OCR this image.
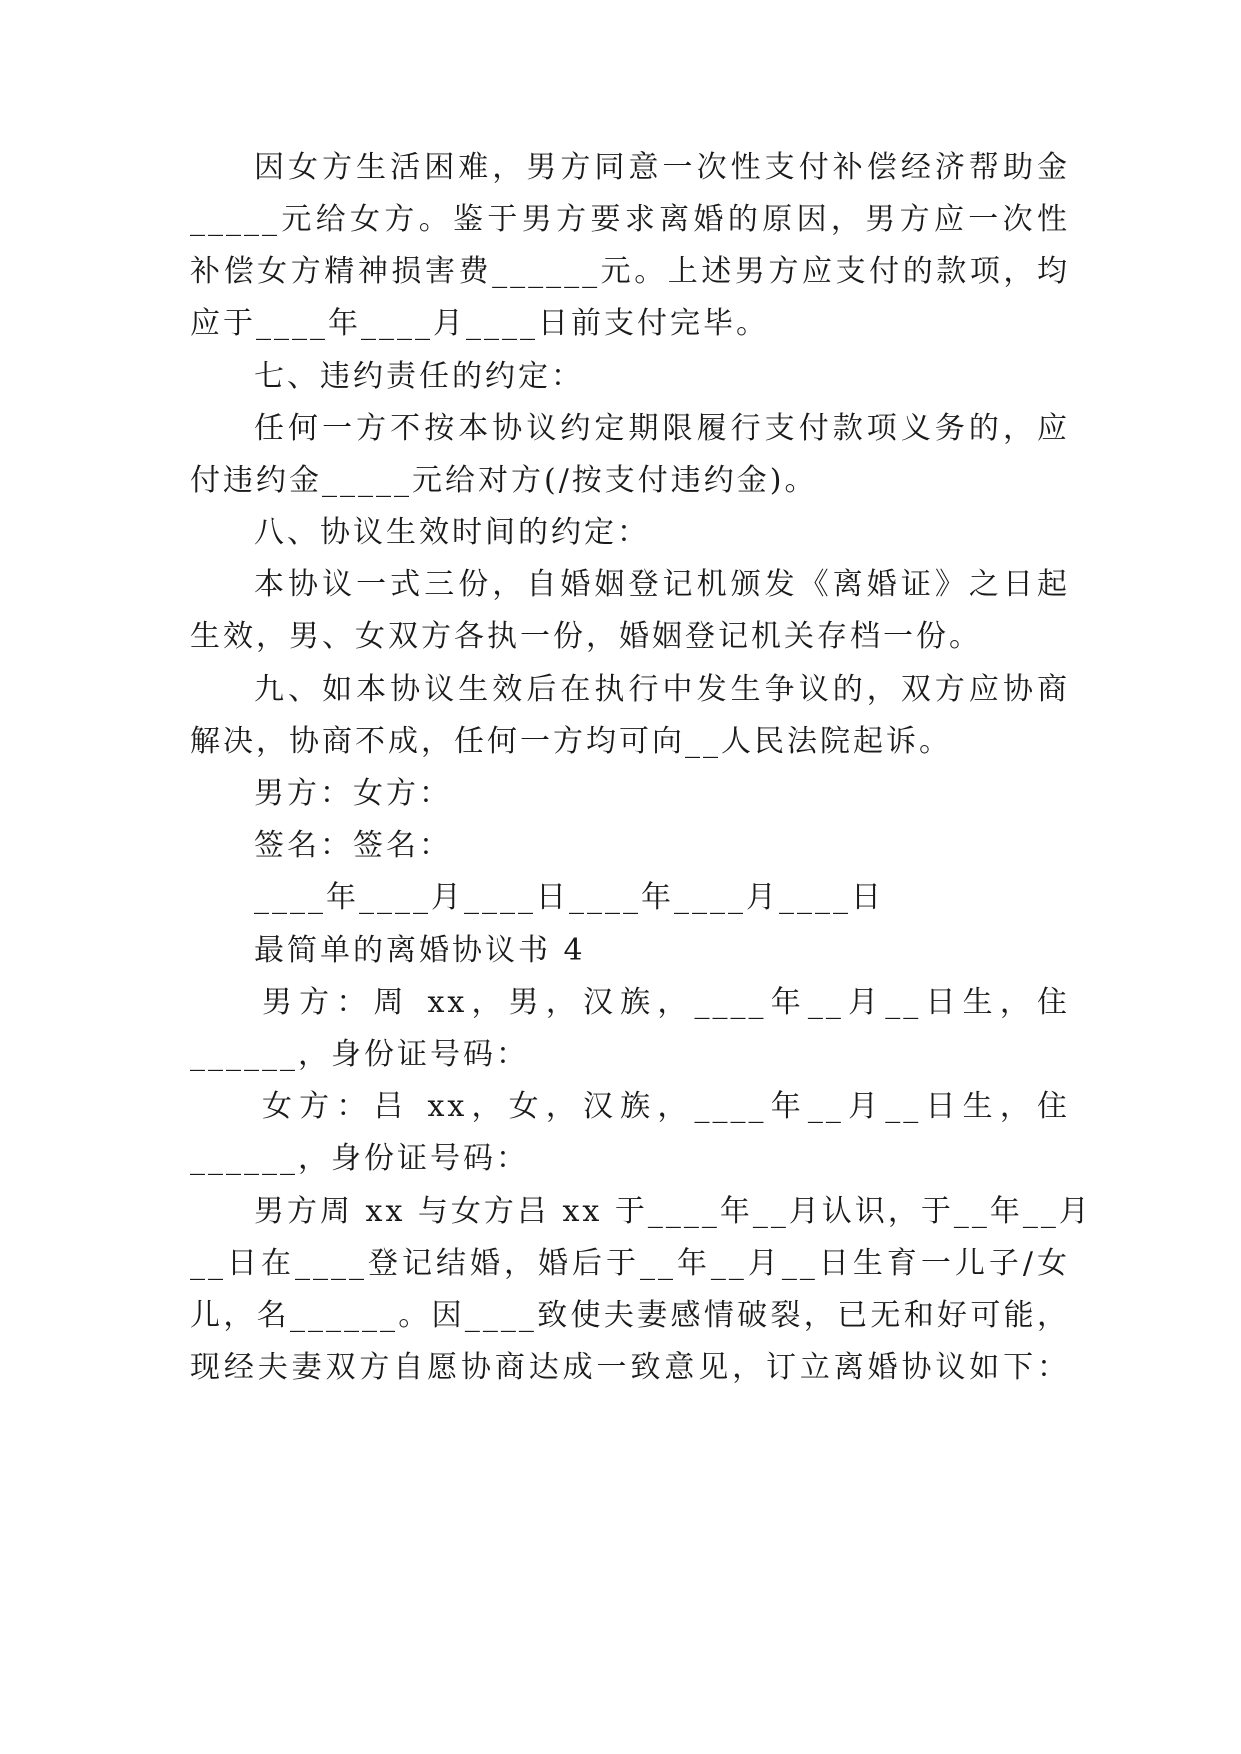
因女方生活困难，男方同意一次性支付补偿经济帮助金

_____元给女方。鉴于男方要求离婚的原因，男方应一次性

补偿女方精神损害费______元。上述男方应支付的款项，均

应于____年____月____日前支付完毕。

七、违约责任的约定：

任何一方不按本协议约定期限履行支付款项义务的，应

付违约金_____元给对方(/按支付违约金)。

八、协议生效时间的约定：

本协议一式三份，自婚姻登记机颁发《离婚证》之日起

生效，男、女双方各执一份，婚姻登记机关存档一份。

九、如本协议生效后在执行中发生争议的，双方应协商

解决，协商不成，任何一方均可向__人民法院起诉。

男方：女方：

签名：签名：

____年____月____日____年____月____日

最简单的离婚协议书 4

男方：周 xx，男，汉族，____年__月__日生，住

______，身份证号码：

女方：吕 xx，女，汉族，____年__月__日生，住

______，身份证号码：

男方周 xx 与女方吕 xx 于____年__月认识，于__年__月

__日在____登记结婚，婚后于__年__月__日生育一儿子/女

儿，名______。因____致使夫妻感情破裂，已无和好可能，

现经夫妻双方自愿协商达成一致意见，订立离婚协议如下：
